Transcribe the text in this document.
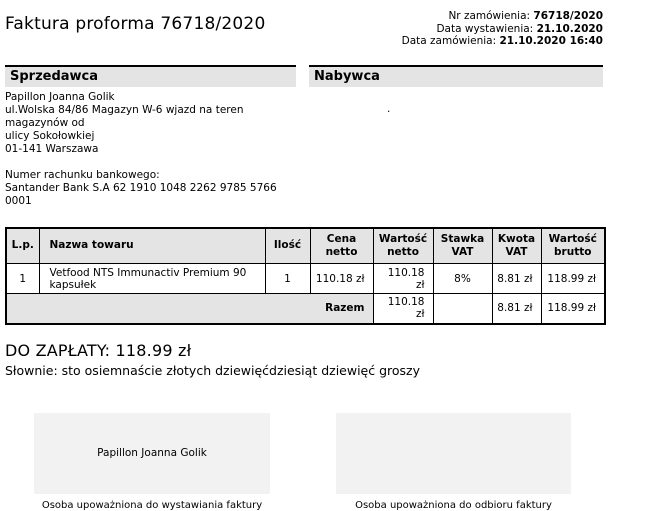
Faktura proforma 76718/2020	Nr zamówienia: 76718/2020
Data wystawienia: 21.10.2020
Data zamówienia: 21.10.2020 16:40
Sprzedawca
Papillon Joanna Golik
ul.Wolska 84/86 Magazyn W-6 wjazd na teren magazynów od
ulicy Sokołowkiej
01-141 Warszawa
Numer rachunku bankowego:
Santander Bank S.A 62 1910 1048 2262 9785 5766 0001
Nabywca
.
L.p.	Nazwa towaru	Ilość	Cena netto	Wartość netto	Stawka VAT	Kwota VAT	Wartość brutto
1	Vetfood NTS Immunactiv Premium 90 kapsułek	1	110.18 zł	110.18 zł	8%	8.81 zł	118.99 zł
Razem				110.18 zł		8.81 zł	118.99 zł
DO ZAPŁATY: 118.99 zł
Słownie: sto osiemnaście złotych dziewięćdziesiąt dziewięć groszy
Papillon Joanna Golik
Osoba upoważniona do wystawiania faktury	Osoba upoważniona do odbioru faktury
